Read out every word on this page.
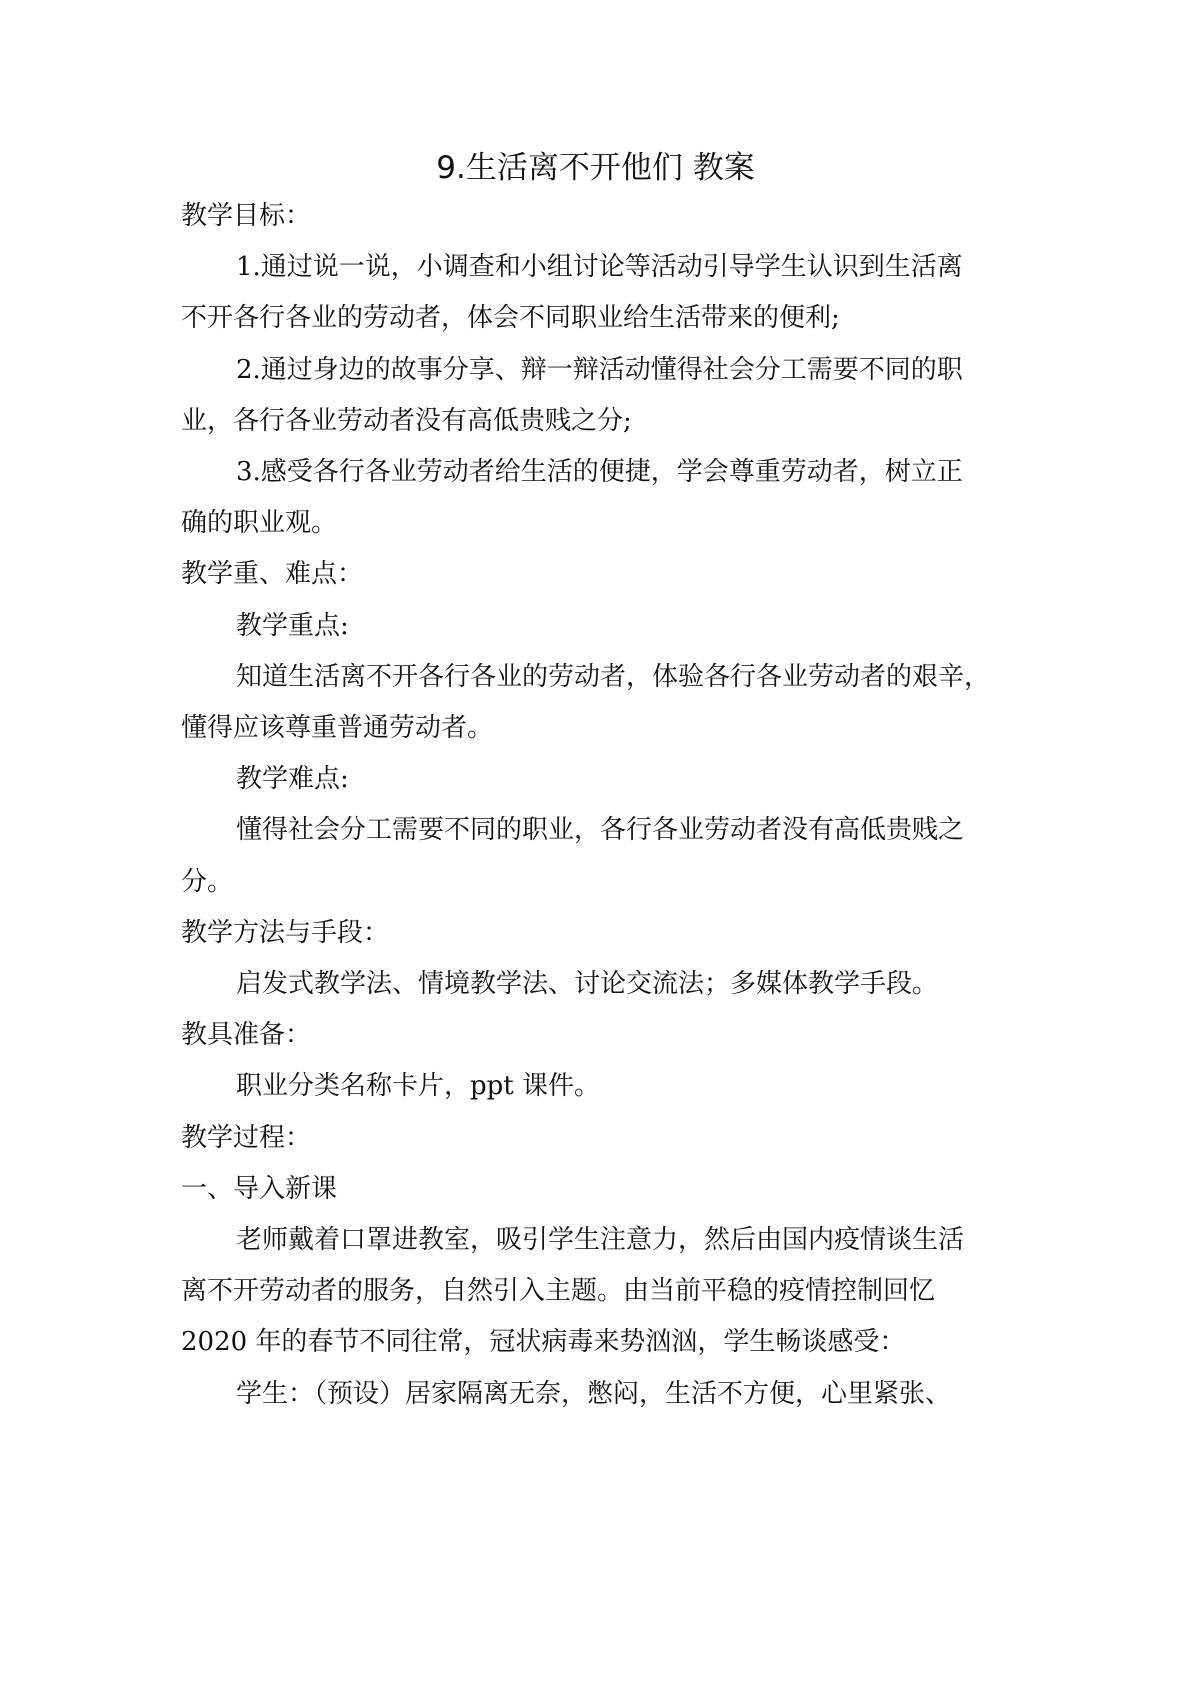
9.生活离不开他们 教案
教学目标：
1.通过说一说，小调查和小组讨论等活动引导学生认识到生活离
不开各行各业的劳动者，体会不同职业给生活带来的便利;
2.通过身边的故事分享、辩一辩活动懂得社会分工需要不同的职
业，各行各业劳动者没有高低贵贱之分;
3.感受各行各业劳动者给生活的便捷，学会尊重劳动者，树立正
确的职业观。
教学重、难点：
教学重点:
知道生活离不开各行各业的劳动者，体验各行各业劳动者的艰辛，
懂得应该尊重普通劳动者。
教学难点:
懂得社会分工需要不同的职业，各行各业劳动者没有高低贵贱之
分。
教学方法与手段：
启发式教学法、情境教学法、讨论交流法；多媒体教学手段。
教具准备：
职业分类名称卡片，ppt 课件。
教学过程：
一、导入新课
老师戴着口罩进教室，吸引学生注意力，然后由国内疫情谈生活
离不开劳动者的服务，自然引入主题。由当前平稳的疫情控制回忆
2020 年的春节不同往常，冠状病毒来势汹汹，学生畅谈感受：
学生：（预设）居家隔离无奈，憋闷，生活不方便，心里紧张、
